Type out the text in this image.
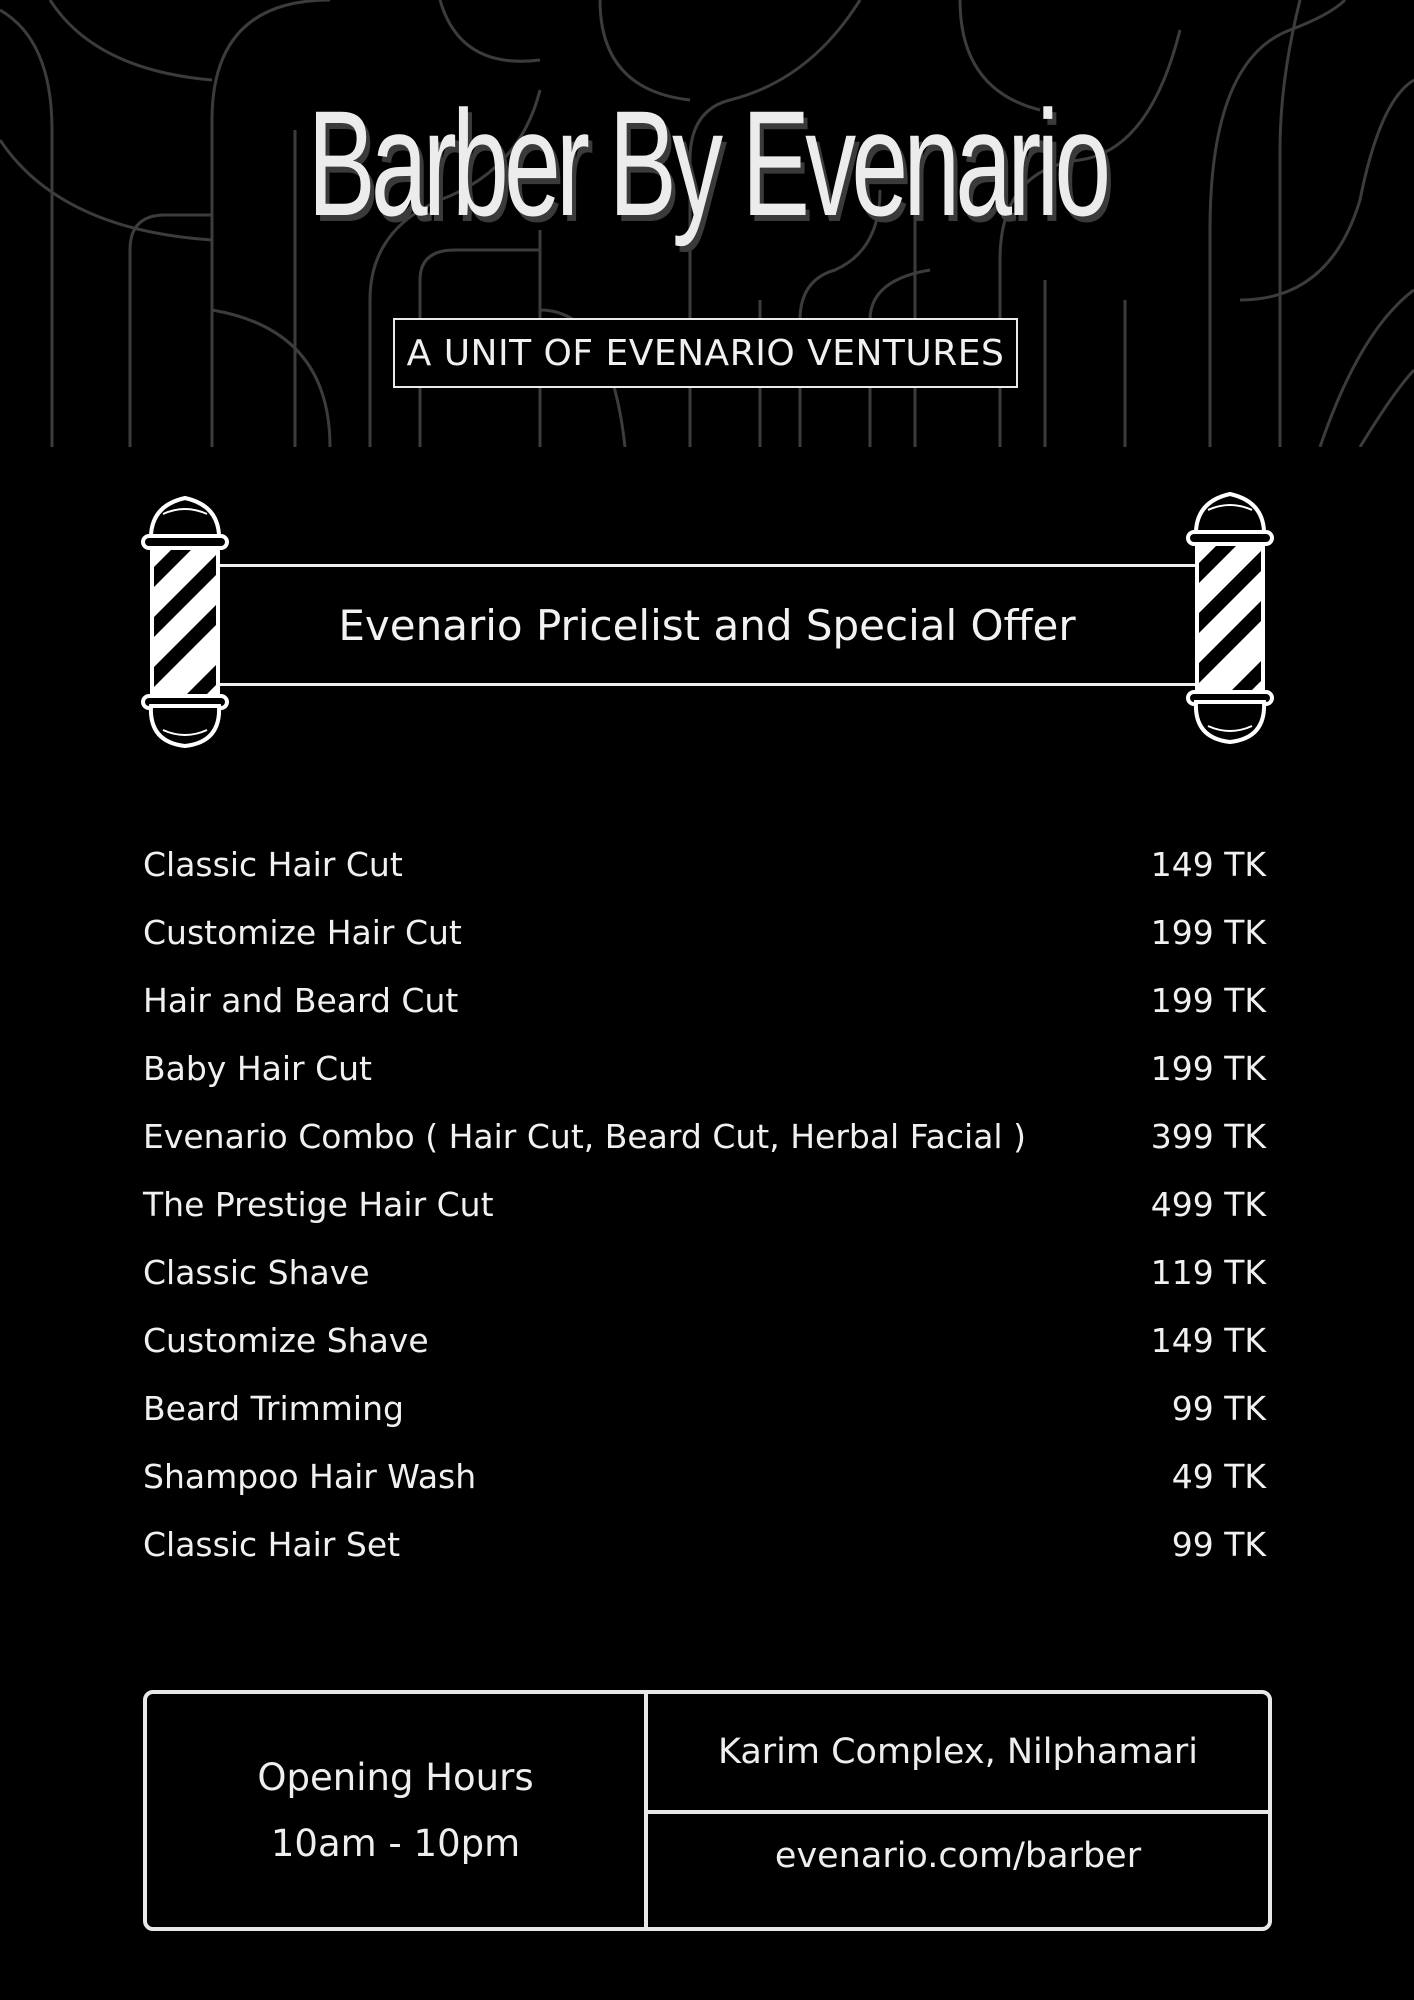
Barber By Evenario
A UNIT OF EVENARIO VENTURES
Evenario Pricelist and Special Offer
Classic Hair Cut	149 TK
Customize Hair Cut	199 TK
Hair and Beard Cut	199 TK
Baby Hair Cut	199 TK
Evenario Combo ( Hair Cut, Beard Cut, Herbal Facial )	399 TK
The Prestige Hair Cut	499 TK
Classic Shave	119 TK
Customize Shave	149 TK
Beard Trimming	99 TK
Shampoo Hair Wash	49 TK
Classic Hair Set	99 TK
Opening Hours
10am - 10pm
Karim Complex, Nilphamari
evenario.com/barber
